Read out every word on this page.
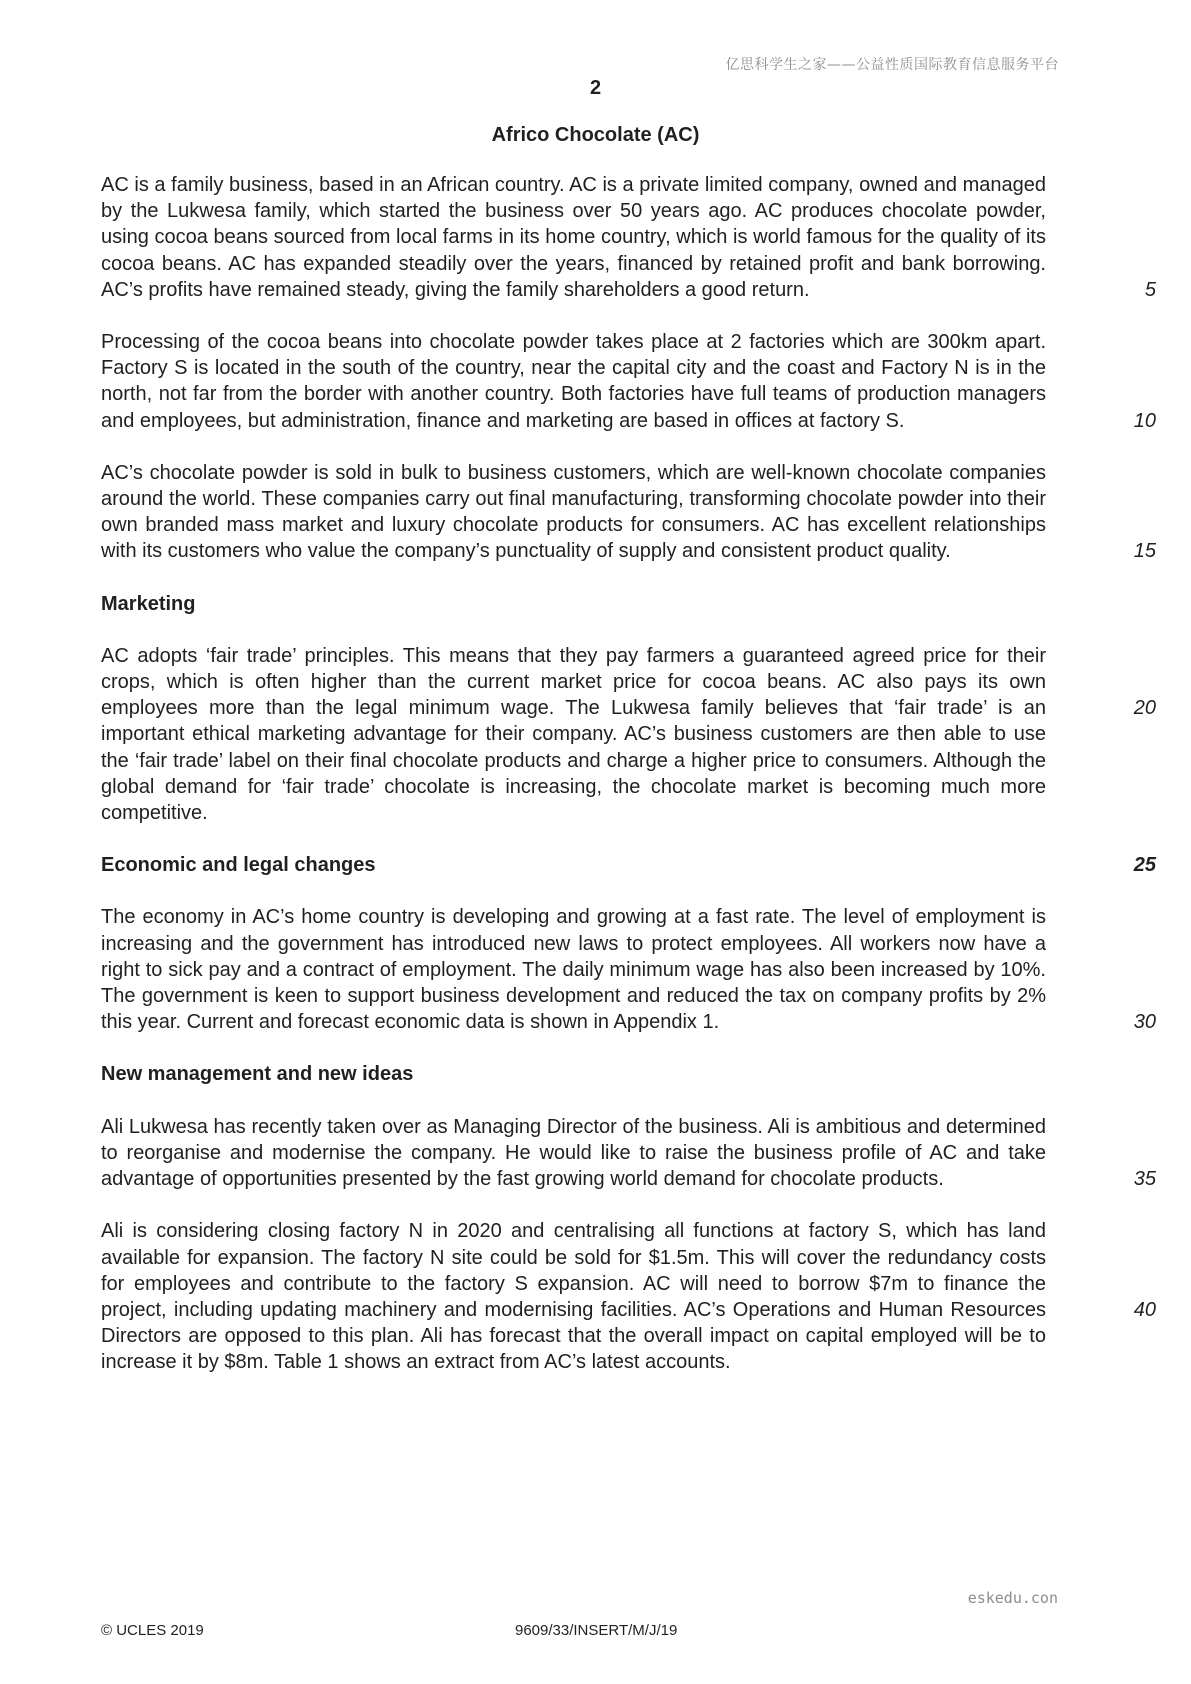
亿思科学生之家——公益性质国际教育信息服务平台
2
Africo Chocolate (AC)

AC is a family business, based in an African country. AC is a private limited company, owned and managed by the Lukwesa family, which started the business over 50 years ago. AC produces chocolate powder, using cocoa beans sourced from local farms in its home country, which is world famous for the quality of its cocoa beans. AC has expanded steadily over the years, financed by retained profit and bank borrowing. AC’s profits have remained steady, giving the family shareholders a good return.	5

Processing of the cocoa beans into chocolate powder takes place at 2 factories which are 300km apart. Factory S is located in the south of the country, near the capital city and the coast and Factory N is in the north, not far from the border with another country. Both factories have full teams of production managers and employees, but administration, finance and marketing are based in offices at factory S.	10

AC’s chocolate powder is sold in bulk to business customers, which are well-known chocolate companies around the world. These companies carry out final manufacturing, transforming chocolate powder into their own branded mass market and luxury chocolate products for consumers. AC has excellent relationships with its customers who value the company’s punctuality of supply and consistent product quality.	15

Marketing

AC adopts ‘fair trade’ principles. This means that they pay farmers a guaranteed agreed price for their crops, which is often higher than the current market price for cocoa beans. AC also pays its own employees more than the legal minimum wage. The Lukwesa family believes that ‘fair trade’ is an important ethical marketing advantage for their company. AC’s business customers are then able to use the ‘fair trade’ label on their final chocolate products and charge a higher price to consumers. Although the global demand for ‘fair trade’ chocolate is increasing, the chocolate market is becoming much more competitive.
20

Economic and legal changes	25

The economy in AC’s home country is developing and growing at a fast rate. The level of employment is increasing and the government has introduced new laws to protect employees. All workers now have a right to sick pay and a contract of employment. The daily minimum wage has also been increased by 10%. The government is keen to support business development and reduced the tax on company profits by 2% this year. Current and forecast economic data is shown in Appendix 1.	30

New management and new ideas

Ali Lukwesa has recently taken over as Managing Director of the business. Ali is ambitious and determined to reorganise and modernise the company. He would like to raise the business profile of AC and take advantage of opportunities presented by the fast growing world demand for chocolate products.	35

Ali is considering closing factory N in 2020 and centralising all functions at factory S, which has land available for expansion. The factory N site could be sold for $1.5m. This will cover the redundancy costs for employees and contribute to the factory S expansion. AC will need to borrow $7m to finance the project, including updating machinery and modernising facilities. AC’s Operations and Human Resources Directors are opposed to this plan. Ali has forecast that the overall impact on capital employed will be to increase it by $8m. Table 1 shows an extract from AC’s latest accounts.
40

eskedu.con
© UCLES 2019	9609/33/INSERT/M/J/19
